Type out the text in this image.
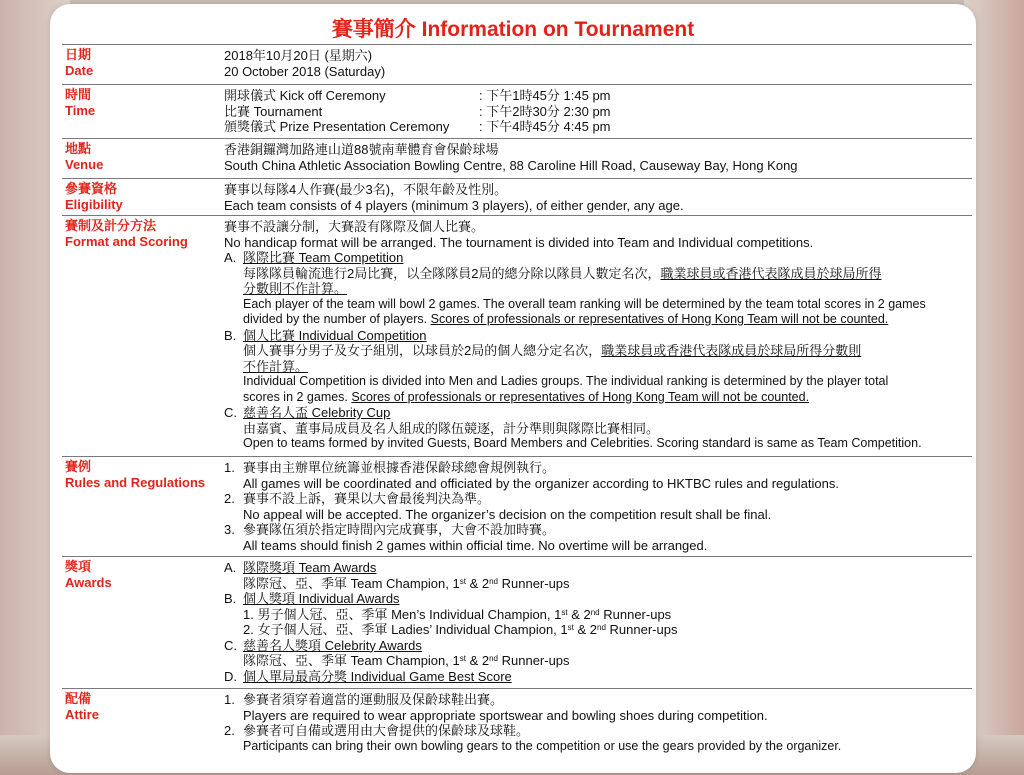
賽事簡介 Information on Tournament
日期
Date
2018年10月20日 (星期六)
20 October 2018 (Saturday)
時間
Time
開球儀式 Kick off Ceremony	: 下午1時45分 1:45 pm
比賽 Tournament	: 下午2時30分 2:30 pm
頒獎儀式 Prize Presentation Ceremony : 下午4時45分 4:45 pm
地點
Venue
香港銅鑼灣加路連山道88號南華體育會保齡球場
South China Athletic Association Bowling Centre, 88 Caroline Hill Road, Causeway Bay, Hong Kong
參賽資格
Eligibility
賽事以每隊4人作賽(最少3名)，不限年齡及性別。
Each team consists of 4 players (minimum 3 players), of either gender, any age.
賽制及計分方法
Format and Scoring
賽事不設讓分制，大賽設有隊際及個人比賽。
No handicap format will be arranged. The tournament is divided into Team and Individual competitions.
A. 隊際比賽 Team Competition
每隊隊員輪流進行2局比賽，以全隊隊員2局的總分除以隊員人數定名次，職業球員或香港代表隊成員於球局所得
分數則不作計算。
Each player of the team will bowl 2 games. The overall team ranking will be determined by the team total scores in 2 games
divided by the number of players. Scores of professionals or representatives of Hong Kong Team will not be counted.
B. 個人比賽 Individual Competition
個人賽事分男子及女子組別，以球員於2局的個人總分定名次，職業球員或香港代表隊成員於球局所得分數則
不作計算。
Individual Competition is divided into Men and Ladies groups. The individual ranking is determined by the player total
scores in 2 games. Scores of professionals or representatives of Hong Kong Team will not be counted.
C. 慈善名人盃 Celebrity Cup
由嘉賓、董事局成員及名人組成的隊伍競逐，計分準則與隊際比賽相同。
Open to teams formed by invited Guests, Board Members and Celebrities. Scoring standard is same as Team Competition.
賽例
Rules and Regulations
1. 賽事由主辦單位統籌並根據香港保齡球總會規例執行。
All games will be coordinated and officiated by the organizer according to HKTBC rules and regulations.
2. 賽事不設上訴，賽果以大會最後判決為準。
No appeal will be accepted. The organizer’s decision on the competition result shall be final.
3. 參賽隊伍須於指定時間內完成賽事，大會不設加時賽。
All teams should finish 2 games within official time. No overtime will be arranged.
獎項
Awards
A. 隊際獎項 Team Awards
隊際冠、亞、季軍 Team Champion, 1st & 2nd Runner-ups
B. 個人獎項 Individual Awards
1. 男子個人冠、亞、季軍 Men’s Individual Champion, 1st & 2nd Runner-ups
2. 女子個人冠、亞、季軍 Ladies’ Individual Champion, 1st & 2nd Runner-ups
C. 慈善名人獎項 Celebrity Awards
隊際冠、亞、季軍 Team Champion, 1st & 2nd Runner-ups
D. 個人單局最高分獎 Individual Game Best Score
配備
Attire
1. 參賽者須穿着適當的運動服及保齡球鞋出賽。
Players are required to wear appropriate sportswear and bowling shoes during competition.
2. 參賽者可自備或選用由大會提供的保齡球及球鞋。
Participants can bring their own bowling gears to the competition or use the gears provided by the organizer.
